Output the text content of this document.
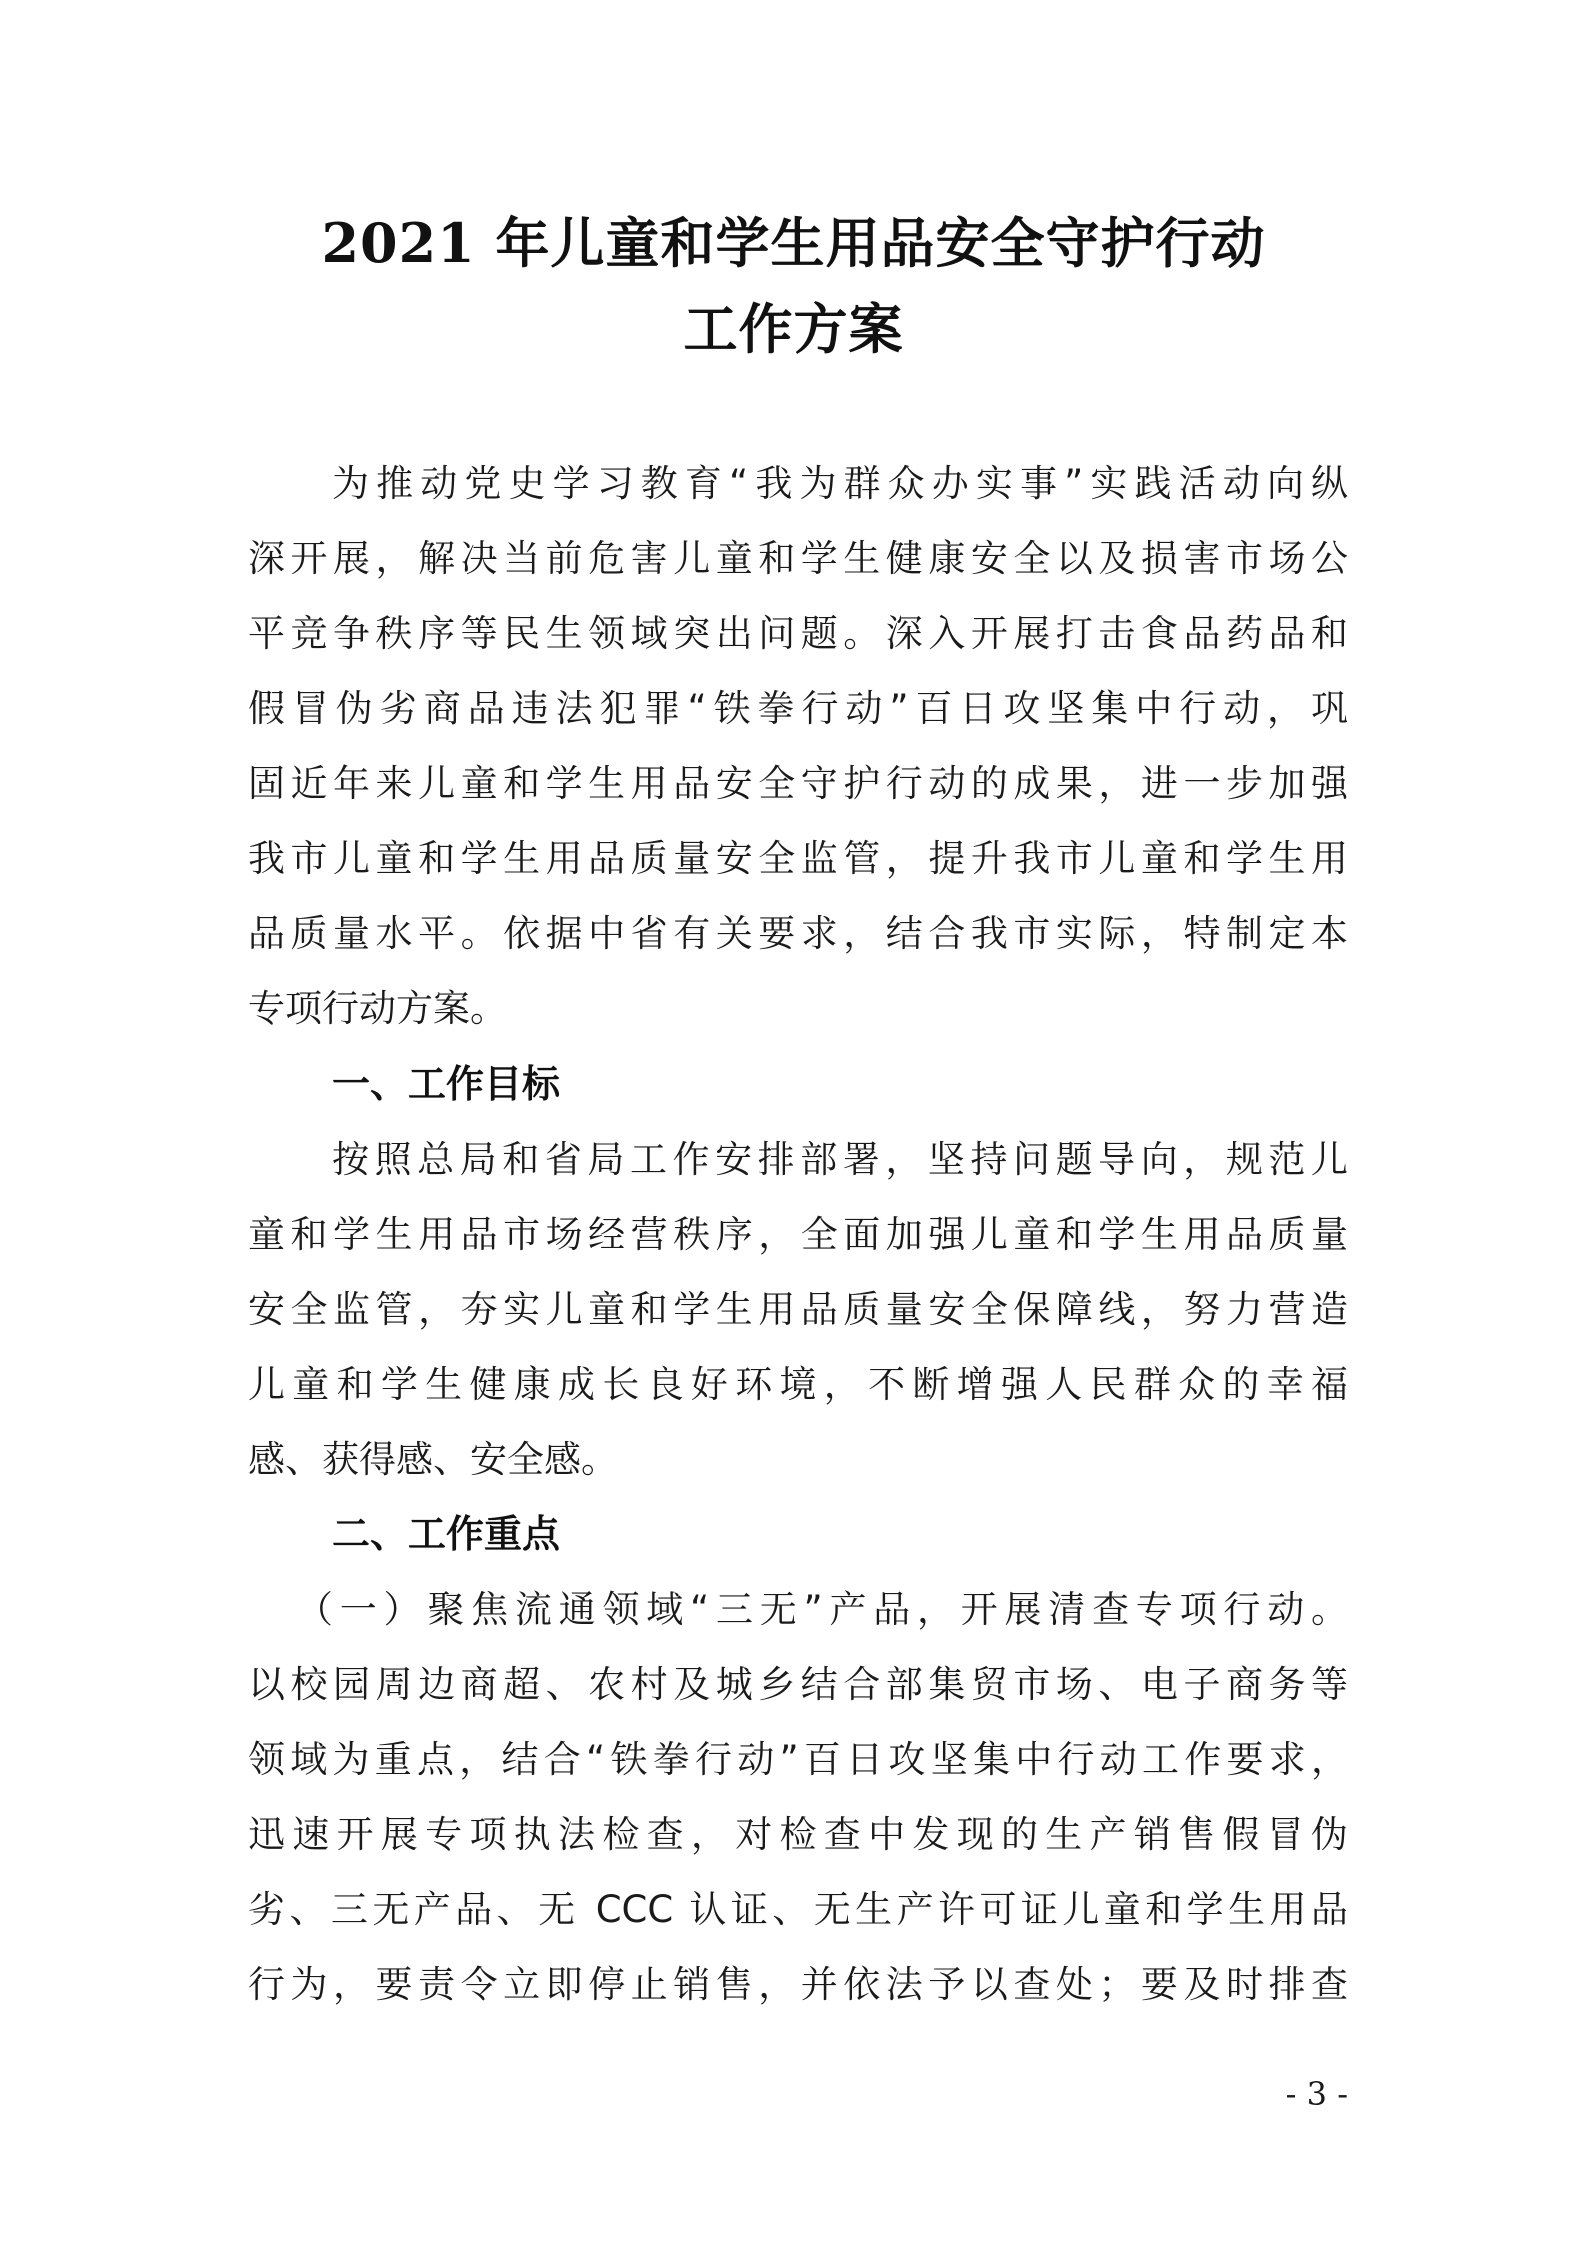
2021 年儿童和学生用品安全守护行动
工作方案
为推动党史学习教育“我为群众办实事”实践活动向纵
深开展，解决当前危害儿童和学生健康安全以及损害市场公
平竞争秩序等民生领域突出问题。深入开展打击食品药品和
假冒伪劣商品违法犯罪“铁拳行动”百日攻坚集中行动，巩
固近年来儿童和学生用品安全守护行动的成果，进一步加强
我市儿童和学生用品质量安全监管，提升我市儿童和学生用
品质量水平。依据中省有关要求，结合我市实际，特制定本
专项行动方案。
一、工作目标
按照总局和省局工作安排部署，坚持问题导向，规范儿
童和学生用品市场经营秩序，全面加强儿童和学生用品质量
安全监管，夯实儿童和学生用品质量安全保障线，努力营造
儿童和学生健康成长良好环境，不断增强人民群众的幸福
感、获得感、安全感。
二、工作重点
（一）聚焦流通领域“三无”产品，开展清查专项行动。
以校园周边商超、农村及城乡结合部集贸市场、电子商务等
领域为重点，结合“铁拳行动”百日攻坚集中行动工作要求，
迅速开展专项执法检查，对检查中发现的生产销售假冒伪
劣、三无产品、无 CCC 认证、无生产许可证儿童和学生用品
行为，要责令立即停止销售，并依法予以查处；要及时排查
- 3 -
